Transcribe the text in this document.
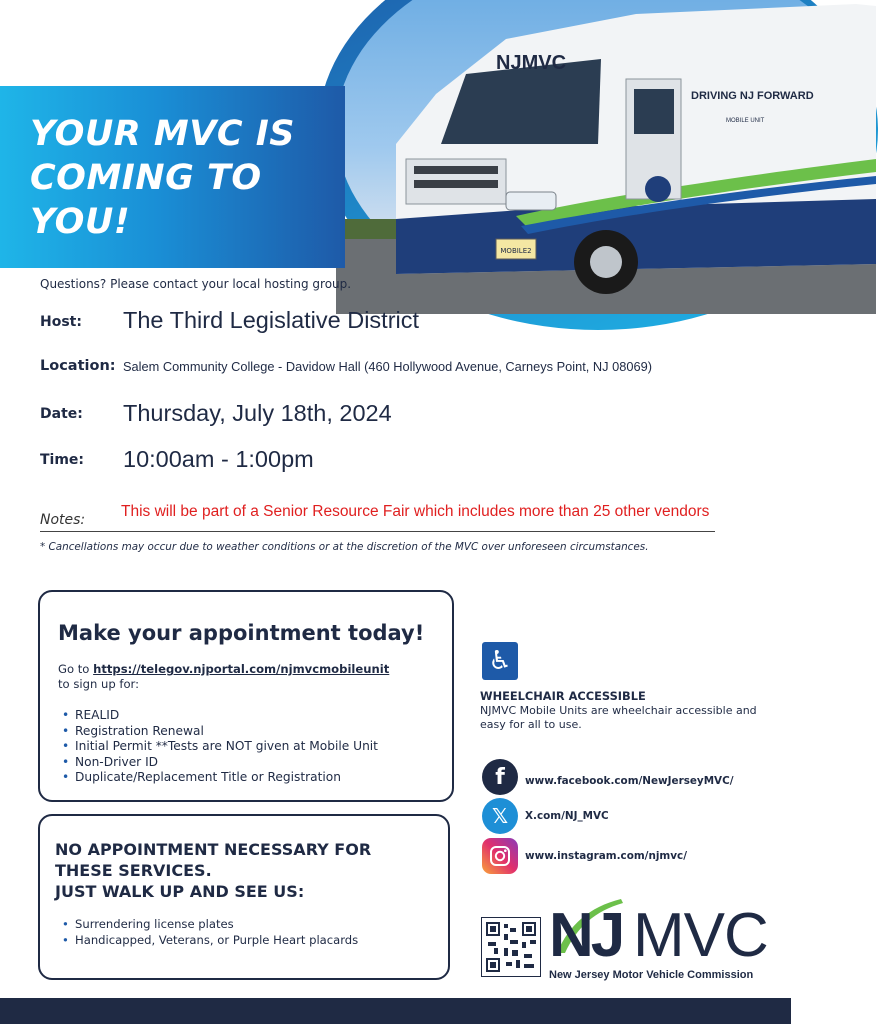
MOBILE2
NJMVC
DRIVING NJ FORWARD
MOBILE UNIT
YOUR MVC IS COMING TO YOU!
Questions? Please contact your local hosting group.
Host: The Third Legislative District
Location: Salem Community College - Davidow Hall (460 Hollywood Avenue, Carneys Point, NJ 08069)
Date: Thursday, July 18th, 2024
Time: 10:00am - 1:00pm
Notes: This will be part of a Senior Resource Fair which includes more than 25 other vendors
* Cancellations may occur due to weather conditions or at the discretion of the MVC over unforeseen circumstances.
Make your appointment today!
Go to https://telegov.njportal.com/njmvcmobileunit
to sign up for:
• REALID
• Registration Renewal
• Initial Permit **Tests are NOT given at Mobile Unit
• Non-Driver ID
• Duplicate/Replacement Title or Registration
NO APPOINTMENT NECESSARY FOR
THESE SERVICES.
JUST WALK UP AND SEE US:
• Surrendering license plates
• Handicapped, Veterans, or Purple Heart placards
♿
WHEELCHAIR ACCESSIBLE
NJMVC Mobile Units are wheelchair accessible and easy for all to use.
f	www.facebook.com/NewJerseyMVC/
𝕏	X.com/NJ_MVC
www.instagram.com/njmvc/
NJ MVC
New Jersey Motor Vehicle Commission
